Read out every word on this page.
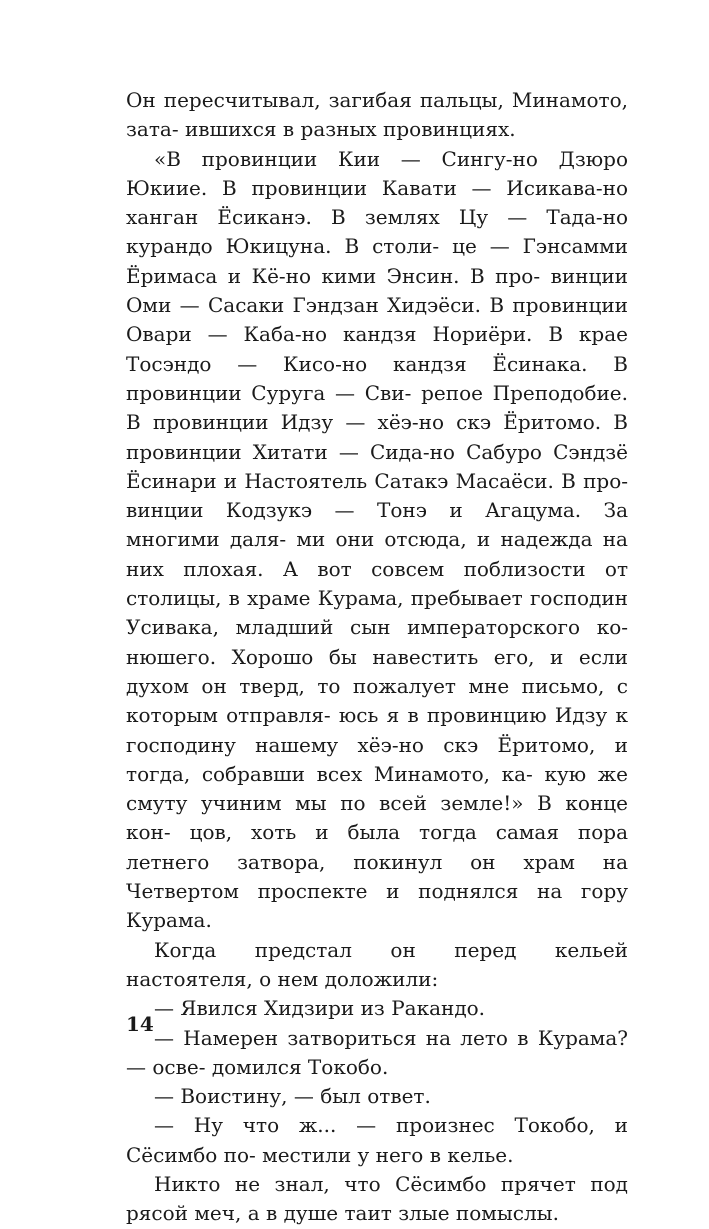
Он пересчитывал, загибая пальцы, Минамото, зата- ившихся в разных провинциях.

«В провинции Кии — Сингу-но Дзюро Юкиие. В провинции Кавати — Исикава-но ханган Ёсиканэ. В землях Цу — Тада-но курандо Юкицуна. В столи- це — Гэнсамми Ёримаса и Кё-но кими Энсин. В про- винции Оми — Сасаки Гэндзан Хидэёси. В провинции Овари — Каба-но кандзя Нориёри. В крае Тосэндо — Кисо-но кандзя Ёсинака. В провинции Суруга — Сви- репое Преподобие. В провинции Идзу — хёэ-но скэ Ёритомо. В провинции Хитати — Сида-но Сабуро Сэндзё Ёсинари и Настоятель Сатакэ Масаёси. В про- винции Кодзукэ — Тонэ и Агацума. За многими даля- ми они отсюда, и надежда на них плохая. А вот совсем поблизости от столицы, в храме Курама, пребывает господин Усивака, младший сын императорского ко- нюшего. Хорошо бы навестить его, и если духом он тверд, то пожалует мне письмо, с которым отправля- юсь я в провинцию Идзу к господину нашему хёэ-но скэ Ёритомо, и тогда, собравши всех Минамото, ка- кую же смуту учиним мы по всей земле!» В конце кон- цов, хоть и была тогда самая пора летнего затвора, покинул он храм на Четвертом проспекте и поднялся на гору Курама.

Когда предстал он перед кельей настоятеля, о нем доложили:

— Явился Хидзири из Ракандо.

— Намерен затвориться на лето в Курама? — осве- домился Токобо.

— Воистину, — был ответ.

— Ну что ж... — произнес Токобо, и Сёсимбо по- местили у него в келье.

Никто не знал, что Сёсимбо прячет под рясой меч, а в душе таит злые помыслы.

14
